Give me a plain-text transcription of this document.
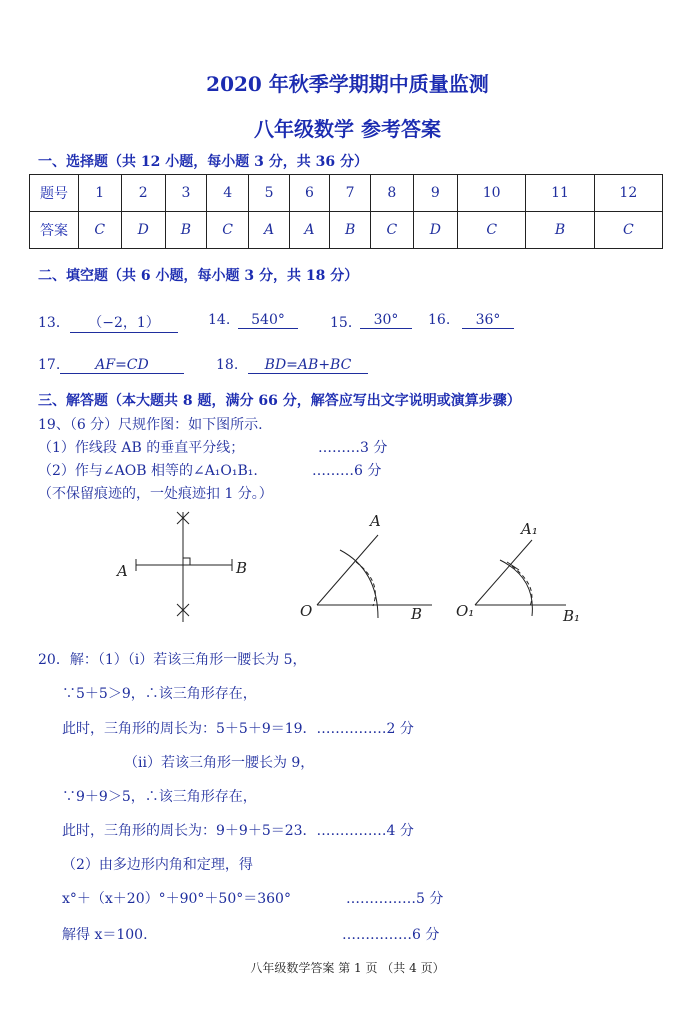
2020 年秋季学期期中质量监测
八年级数学 参考答案
一、选择题（共 12 小题，每小题 3 分，共 36 分）
题号	1	2	3	4	5	6	7	8	9	10	11	12
答案	C	D	B	C	A	A	B	C	D	C	B	C
二、填空题（共 6 小题，每小题 3 分，共 18 分）
13．	（−2，1）	14.	540°	15． 30°	16.	36°
17.	AF=CD	18.	BD=AB+BC
三、解答题（本大题共 8 题，满分 66 分，解答应写出文字说明或演算步骤）
19、（6 分）尺规作图：如下图所示.
（1）作线段 AB 的垂直平分线；	………3 分
（2）作与∠AOB 相等的∠A₁O₁B₁.	………6 分
（不保留痕迹的，一处痕迹扣 1 分。）
A	B
A
O	B
A₁
O₁	B₁
20．解：（1）（i）若该三角形一腰长为 5，
∵5＋5＞9，∴该三角形存在，
此时，三角形的周长为：5＋5＋9＝19．……………2 分
（ii）若该三角形一腰长为 9，
∵9＋9＞5，∴该三角形存在，
此时，三角形的周长为：9＋9＋5＝23．……………4 分
（2）由多边形内角和定理，得
x°＋（x＋20）°＋90°＋50°＝360°	……………5 分
解得 x＝100.	……………6 分
八年级数学答案 第 1 页 （共 4 页）
